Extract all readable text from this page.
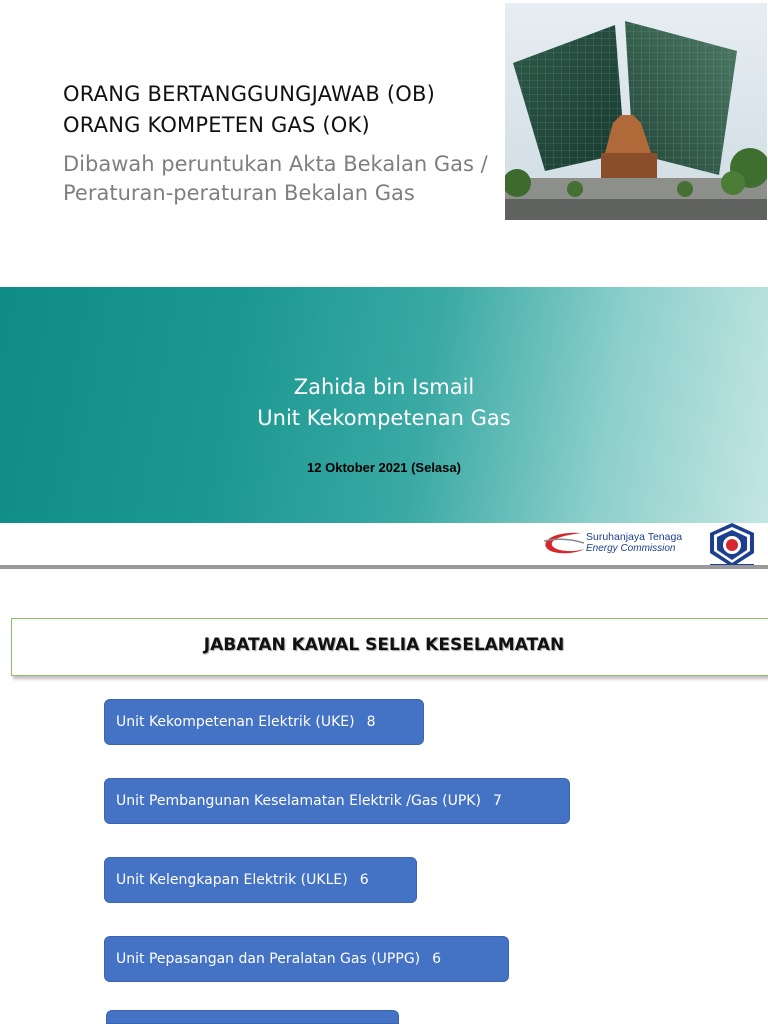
ORANG BERTANGGUNGJAWAB (OB)
ORANG KOMPETEN GAS (OK)
Dibawah peruntukan Akta Bekalan Gas / Peraturan-peraturan Bekalan Gas
Zahida bin Ismail
Unit Kekompetenan Gas
12 Oktober 2021 (Selasa)
Suruhanjaya Tenaga
Energy Commission
JABATAN KAWAL SELIA KESELAMATAN
Unit Kekompetenan Elektrik (UKE) 8
Unit Pembangunan Keselamatan Elektrik /Gas (UPK) 7
Unit Kelengkapan Elektrik (UKLE) 6
Unit Pepasangan dan Peralatan Gas (UPPG) 6
